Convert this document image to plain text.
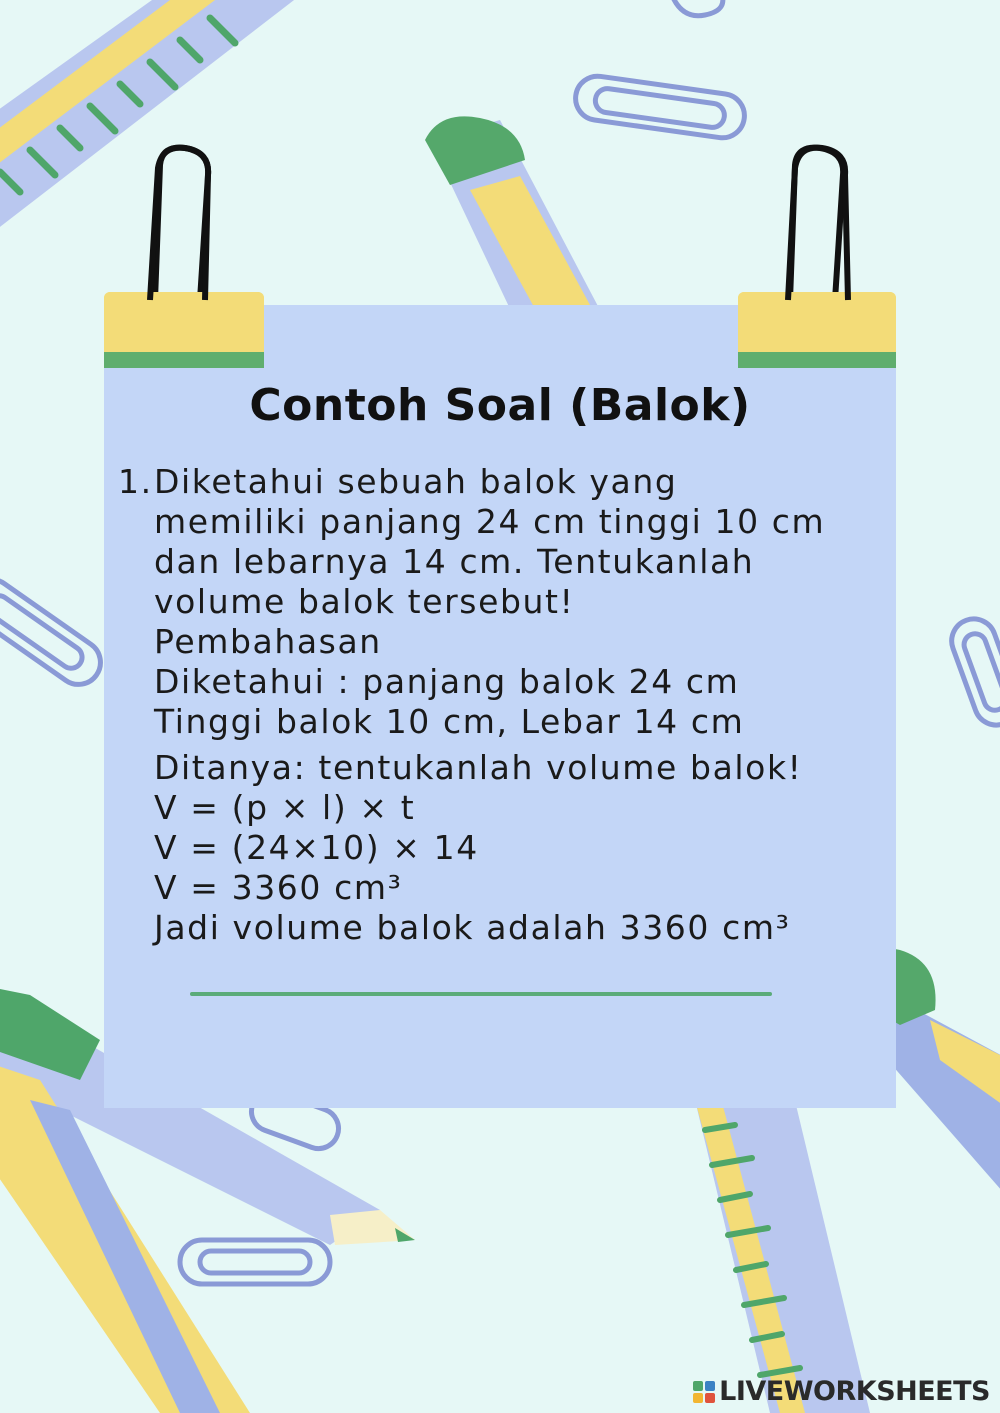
Contoh Soal (Balok)
1. Diketahui sebuah balok yang
memiliki panjang 24 cm tinggi 10 cm
dan lebarnya 14 cm. Tentukanlah
volume balok tersebut!
Pembahasan
Diketahui : panjang balok 24 cm
Tinggi balok 10 cm, Lebar 14 cm
Ditanya: tentukanlah volume balok!
V = (p × l) × t
V = (24×10) × 14
V = 3360 cm³
Jadi volume balok adalah 3360 cm³
LIVEWORKSHEETS
